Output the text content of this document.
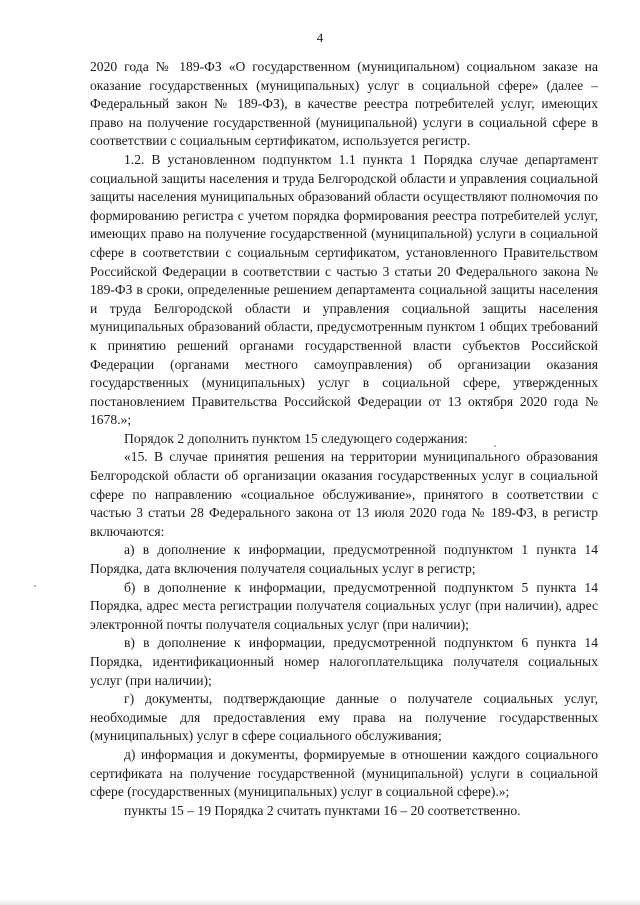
4

2020 года № 189-ФЗ «О государственном (муниципальном) социальном заказе на оказание государственных (муниципальных) услуг в социальной сфере» (далее – Федеральный закон № 189-ФЗ), в качестве реестра потребителей услуг, имеющих право на получение государственной (муниципальной) услуги в социальной сфере в соответствии с социальным сертификатом, используется регистр.

1.2. В установленном подпунктом 1.1 пункта 1 Порядка случае департамент социальной защиты населения и труда Белгородской области и управления социальной защиты населения муниципальных образований области осуществляют полномочия по формированию регистра с учетом порядка формирования реестра потребителей услуг, имеющих право на получение государственной (муниципальной) услуги в социальной сфере в соответствии с социальным сертификатом, установленного Правительством Российской Федерации в соответствии с частью 3 статьи 20 Федерального закона № 189-ФЗ в сроки, определенные решением департамента социальной защиты населения и труда Белгородской области и управления социальной защиты населения муниципальных образований области, предусмотренным пунктом 1 общих требований к принятию решений органами государственной власти субъектов Российской Федерации (органами местного самоуправления) об организации оказания государственных (муниципальных) услуг в социальной сфере, утвержденных постановлением Правительства Российской Федерации от 13 октября 2020 года № 1678.»;

Порядок 2 дополнить пунктом 15 следующего содержания:

«15. В случае принятия решения на территории муниципального образования Белгородской области об организации оказания государственных услуг в социальной сфере по направлению «социальное обслуживание», принятого в соответствии с частью 3 статьи 28 Федерального закона от 13 июля 2020 года № 189-ФЗ, в регистр включаются:

а) в дополнение к информации, предусмотренной подпунктом 1 пункта 14 Порядка, дата включения получателя социальных услуг в регистр;

б) в дополнение к информации, предусмотренной подпунктом 5 пункта 14 Порядка, адрес места регистрации получателя социальных услуг (при наличии), адрес электронной почты получателя социальных услуг (при наличии);

в) в дополнение к информации, предусмотренной подпунктом 6 пункта 14 Порядка, идентификационный номер налогоплательщика получателя социальных услуг (при наличии);

г) документы, подтверждающие данные о получателе социальных услуг, необходимые для предоставления ему права на получение государственных (муниципальных) услуг в сфере социального обслуживания;

д) информация и документы, формируемые в отношении каждого социального сертификата на получение государственной (муниципальной) услуги в социальной сфере (государственных (муниципальных) услуг в социальной сфере).»;

пункты 15 – 19 Порядка 2 считать пунктами 16 – 20 соответственно.
